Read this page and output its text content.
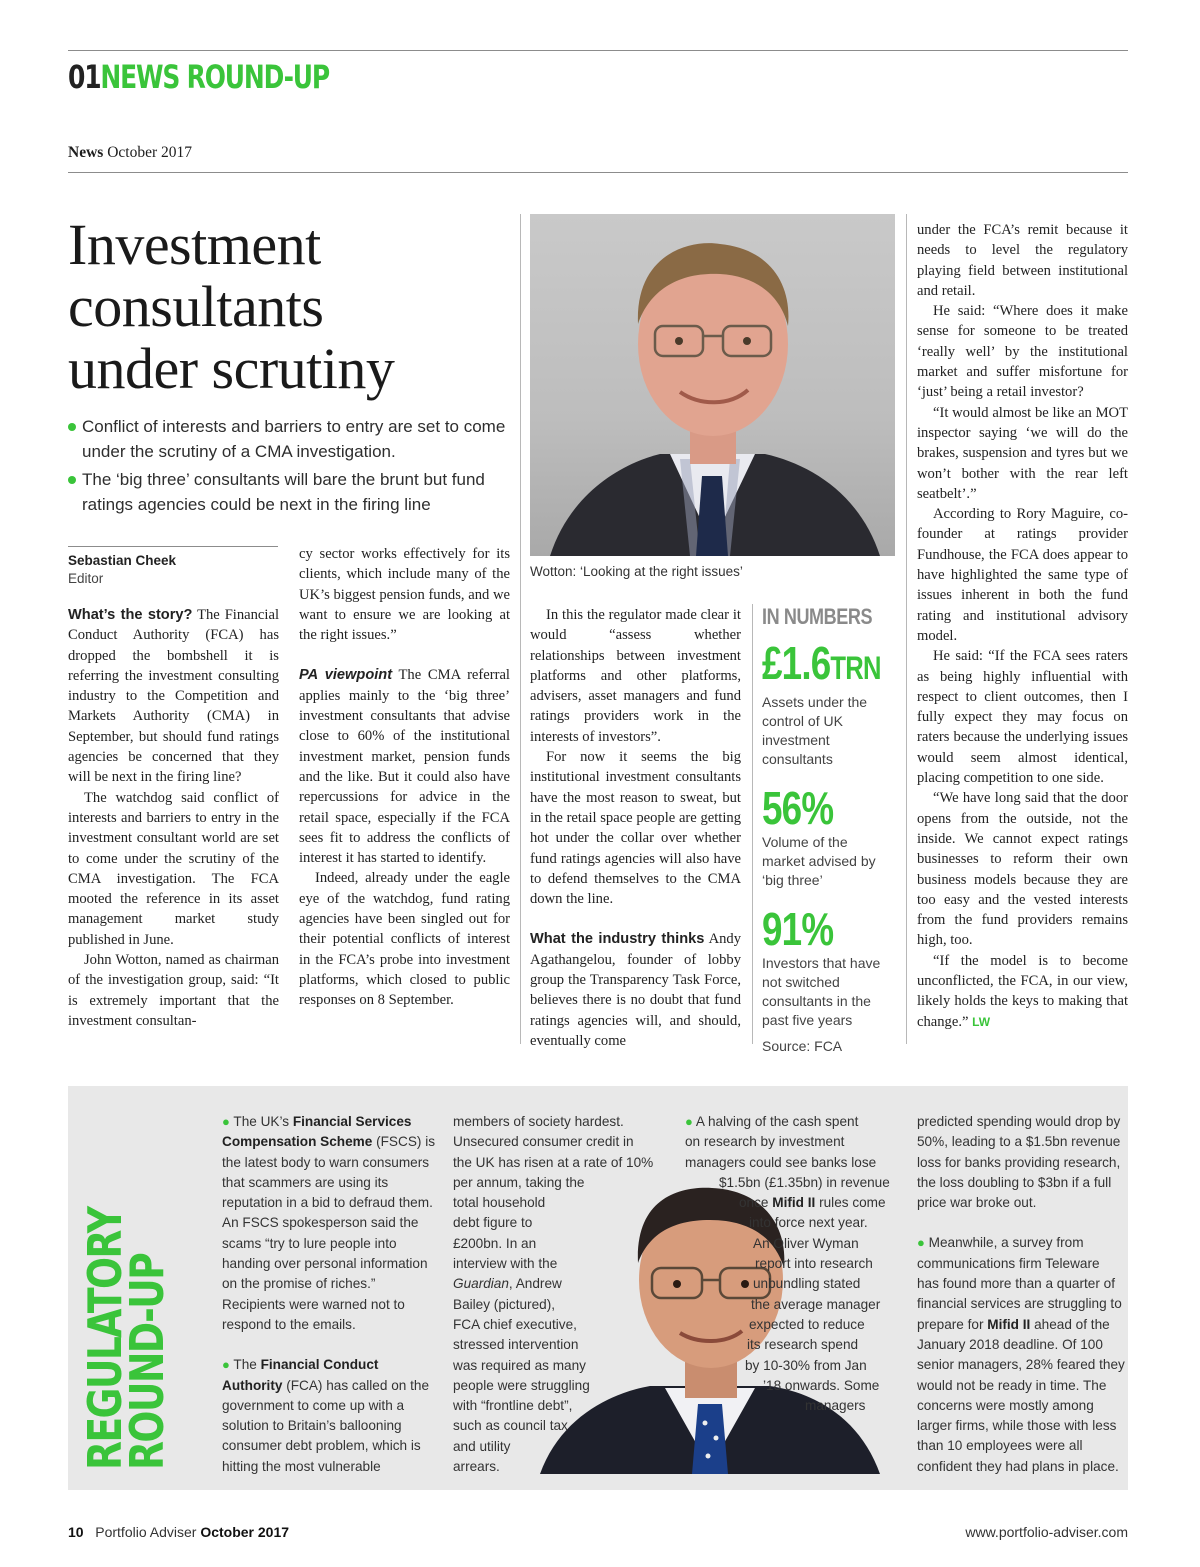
01NEWS ROUND-UP
News October 2017
Investment
consultants
under scrutiny
Conflict of interests and barriers to entry are set to come under the scrutiny of a CMA investigation.
The ‘big three’ consultants will bare the brunt but fund ratings agencies could be next in the firing line
Sebastian Cheek
Editor

What’s the story? The Financial Conduct Authority (FCA) has dropped the bombshell it is referring the investment consulting industry to the Competition and Markets Authority (CMA) in September, but should fund ratings agencies be concerned that they will be next in the firing line?

The watchdog said conflict of interests and barriers to entry in the investment consultant world are set to come under the scrutiny of the CMA investigation. The FCA mooted the reference in its asset management market study published in June.

John Wotton, named as chairman of the investigation group, said: “It is extremely important that the investment consultan-

cy sector works effectively for its clients, which include many of the UK’s biggest pension funds, and we want to ensure we are looking at the right issues.”

PA viewpoint The CMA referral applies mainly to the ‘big three’ investment consultants that advise close to 60% of the institutional investment market, pension funds and the like. But it could also have repercussions for advice in the retail space, especially if the FCA sees fit to address the conflicts of interest it has started to identify.

Indeed, already under the eagle eye of the watchdog, fund rating agencies have been singled out for their potential conflicts of interest in the FCA’s probe into investment platforms, which closed to public responses on 8 September.

Wotton: ‘Looking at the right issues’

In this the regulator made clear it would “assess whether relationships between investment platforms and other platforms, advisers, asset managers and fund ratings providers work in the interests of investors”.

For now it seems the big institutional investment consultants have the most reason to sweat, but in the retail space people are getting hot under the collar over whether fund ratings agencies will also have to defend themselves to the CMA down the line.

What the industry thinks Andy Agathangelou, founder of lobby group the Transparency Task Force, believes there is no doubt that fund ratings agencies will, and should, eventually come

IN NUMBERS
£1.6TRN
Assets under the control of UK investment consultants
56%
Volume of the market advised by ‘big three’
91%
Investors that have not switched consultants in the past five years
Source: FCA

under the FCA’s remit because it needs to level the regulatory playing field between institutional and retail.

He said: “Where does it make sense for someone to be treated ‘really well’ by the institutional market and suffer misfortune for ‘just’ being a retail investor?

“It would almost be like an MOT inspector saying ‘we will do the brakes, suspension and tyres but we won’t bother with the rear left seatbelt’.”

According to Rory Maguire, co-founder at ratings provider Fundhouse, the FCA does appear to have highlighted the same type of issues inherent in both the fund rating and institutional advisory model.

He said: “If the FCA sees raters as being highly influential with respect to client outcomes, then I fully expect they may focus on raters because the underlying issues would seem almost identical, placing competition to one side.

“We have long said that the door opens from the outside, not the inside. We cannot expect ratings businesses to reform their own business models because they are too easy and the vested interests from the fund providers remains high, too.

“If the model is to become unconflicted, the FCA, in our view, likely holds the keys to making that change.” LW

REGULATORY
ROUND-UP

● The UK’s Financial Services Compensation Scheme (FSCS) is the latest body to warn consumers that scammers are using its reputation in a bid to defraud them. An FSCS spokesperson said the scams “try to lure people into handing over personal information on the promise of riches.” Recipients were warned not to respond to the emails.

● The Financial Conduct Authority (FCA) has called on the government to come up with a solution to Britain’s ballooning consumer debt problem, which is hitting the most vulnerable

members of society hardest.
Unsecured consumer credit in
the UK has risen at a rate of 10%
per annum, taking the
total household
debt figure to
£200bn. In an
interview with the
Guardian, Andrew
Bailey (pictured),
FCA chief executive,
stressed intervention
was required as many
people were struggling
with “frontline debt”,
such as council tax
and utility
arrears.
● A halving of the cash spent
on research by investment
managers could see banks lose
$1.5bn (£1.35bn) in revenue
once Mifid II rules come
into force next year.
An Oliver Wyman
report into research
unbundling stated
the average manager
expected to reduce
its research spend
by 10-30% from Jan
’18 onwards. Some
managers

predicted spending would drop by 50%, leading to a $1.5bn revenue loss for banks providing research, the loss doubling to $3bn if a full price war broke out.

● Meanwhile, a survey from communications firm Teleware has found more than a quarter of financial services are struggling to prepare for Mifid II ahead of the January 2018 deadline. Of 100 senior managers, 28% feared they would not be ready in time. The concerns were mostly among larger firms, while those with less than 10 employees were all confident they had plans in place.

10 Portfolio Adviser October 2017	www.portfolio-adviser.com
